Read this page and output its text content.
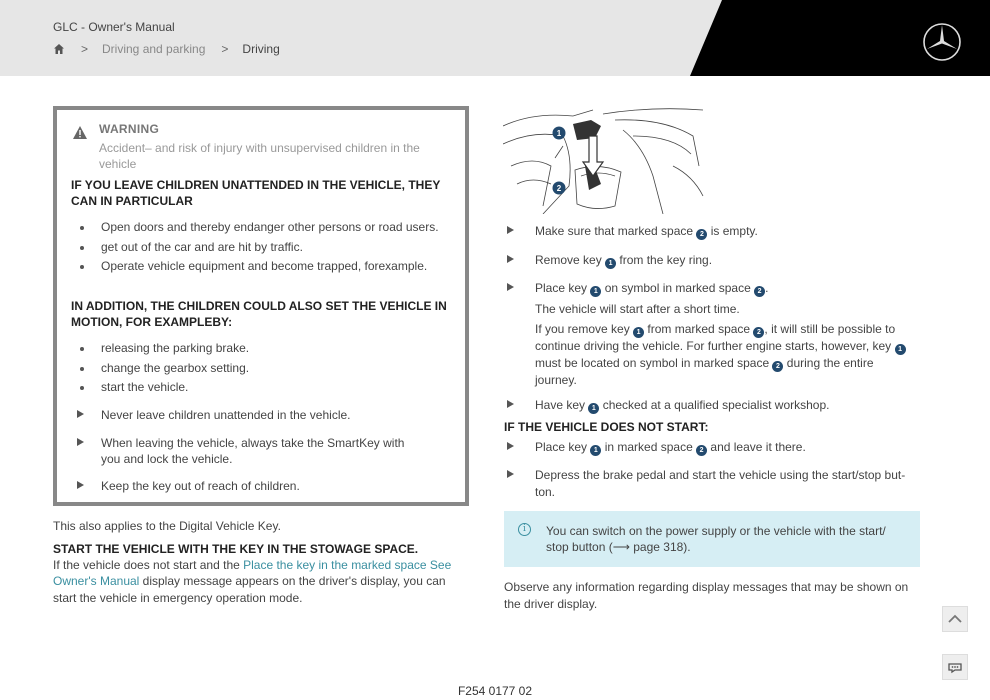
GLC - Owner's Manual
> Driving and parking > Driving
WARNING
Accident– and risk of injury with unsupervised children in the vehicle
IF YOU LEAVE CHILDREN UNATTENDED IN THE VEHICLE, THEY CAN IN PARTICULAR
Open doors and thereby endanger other persons or road users.
get out of the car and are hit by traffic.
Operate vehicle equipment and become trapped, forexample.
IN ADDITION, THE CHILDREN COULD ALSO SET THE VEHICLE IN MOTION, FOR EXAMPLEBY:
releasing the parking brake.
change the gearbox setting.
start the vehicle.
Never leave children unattended in the vehicle.
When leaving the vehicle, always take the SmartKey with you and lock the vehicle.
Keep the key out of reach of children.
This also applies to the Digital Vehicle Key.
START THE VEHICLE WITH THE KEY IN THE STOWAGE SPACE.
If the vehicle does not start and the Place the key in the marked space See Owner's Manual display message appears on the driver's display, you can start the vehicle in emergency operation mode.
1
2
Make sure that marked space 2 is empty.
Remove key 1 from the key ring.
Place key 1 on symbol in marked space 2 .
The vehicle will start after a short time.
If you remove key 1 from marked space 2 , it will still be possible to continue driving the vehicle. For further engine starts, however, key 1 must be located on symbol in marked space 2 during the entire journey.
Have key 1 checked at a qualified specialist workshop.
IF THE VEHICLE DOES NOT START:
Place key 1 in marked space 2 and leave it there.
Depress the brake pedal and start the vehicle using the start/stop but-ton.
i	You can switch on the power supply or the vehicle with the start/ stop button (⟶ page 318).
Observe any information regarding display messages that may be shown on the driver display.
F254 0177 02
